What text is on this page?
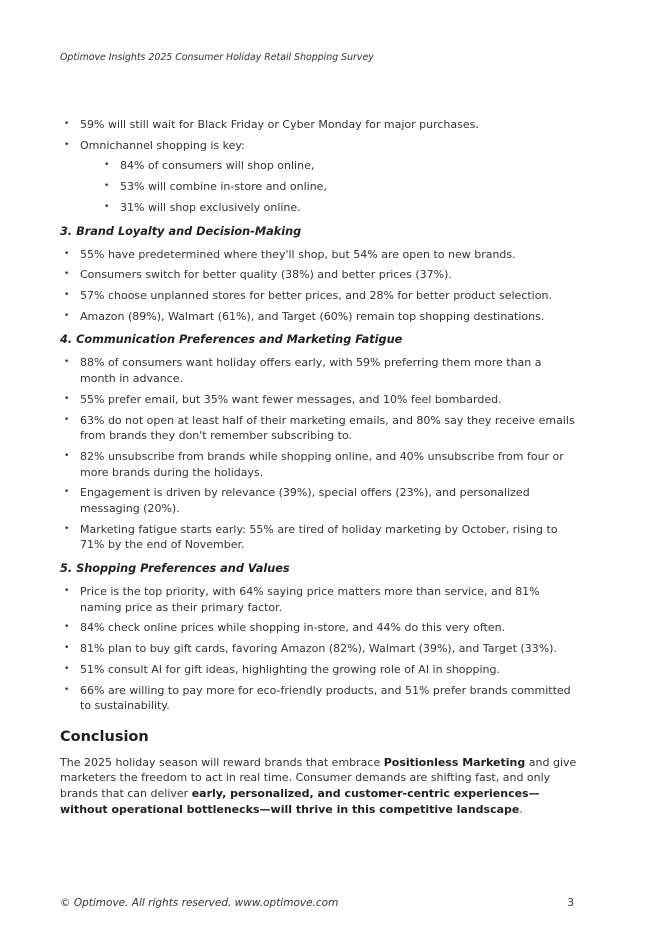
Optimove Insights 2025 Consumer Holiday Retail Shopping Survey
• 59% will still wait for Black Friday or Cyber Monday for major purchases.
• Omnichannel shopping is key:
• 84% of consumers will shop online,
• 53% will combine in-store and online,
• 31% will shop exclusively online.
3. Brand Loyalty and Decision-Making
• 55% have predetermined where they'll shop, but 54% are open to new brands.
• Consumers switch for better quality (38%) and better prices (37%).
• 57% choose unplanned stores for better prices, and 28% for better product selection.
• Amazon (89%), Walmart (61%), and Target (60%) remain top shopping destinations.
4. Communication Preferences and Marketing Fatigue
• 88% of consumers want holiday offers early, with 59% preferring them more than a month in advance.
• 55% prefer email, but 35% want fewer messages, and 10% feel bombarded.
• 63% do not open at least half of their marketing emails, and 80% say they receive emails from brands they don't remember subscribing to.
• 82% unsubscribe from brands while shopping online, and 40% unsubscribe from four or more brands during the holidays.
• Engagement is driven by relevance (39%), special offers (23%), and personalized messaging (20%).
• Marketing fatigue starts early: 55% are tired of holiday marketing by October, rising to 71% by the end of November.
5. Shopping Preferences and Values
• Price is the top priority, with 64% saying price matters more than service, and 81% naming price as their primary factor.
• 84% check online prices while shopping in-store, and 44% do this very often.
• 81% plan to buy gift cards, favoring Amazon (82%), Walmart (39%), and Target (33%).
• 51% consult AI for gift ideas, highlighting the growing role of AI in shopping.
• 66% are willing to pay more for eco-friendly products, and 51% prefer brands committed to sustainability.
Conclusion

The 2025 holiday season will reward brands that embrace Positionless Marketing and give marketers the freedom to act in real time. Consumer demands are shifting fast, and only brands that can deliver early, personalized, and customer-centric experiences—without operational bottlenecks—will thrive in this competitive landscape.

© Optimove. All rights reserved. www.optimove.com	3
